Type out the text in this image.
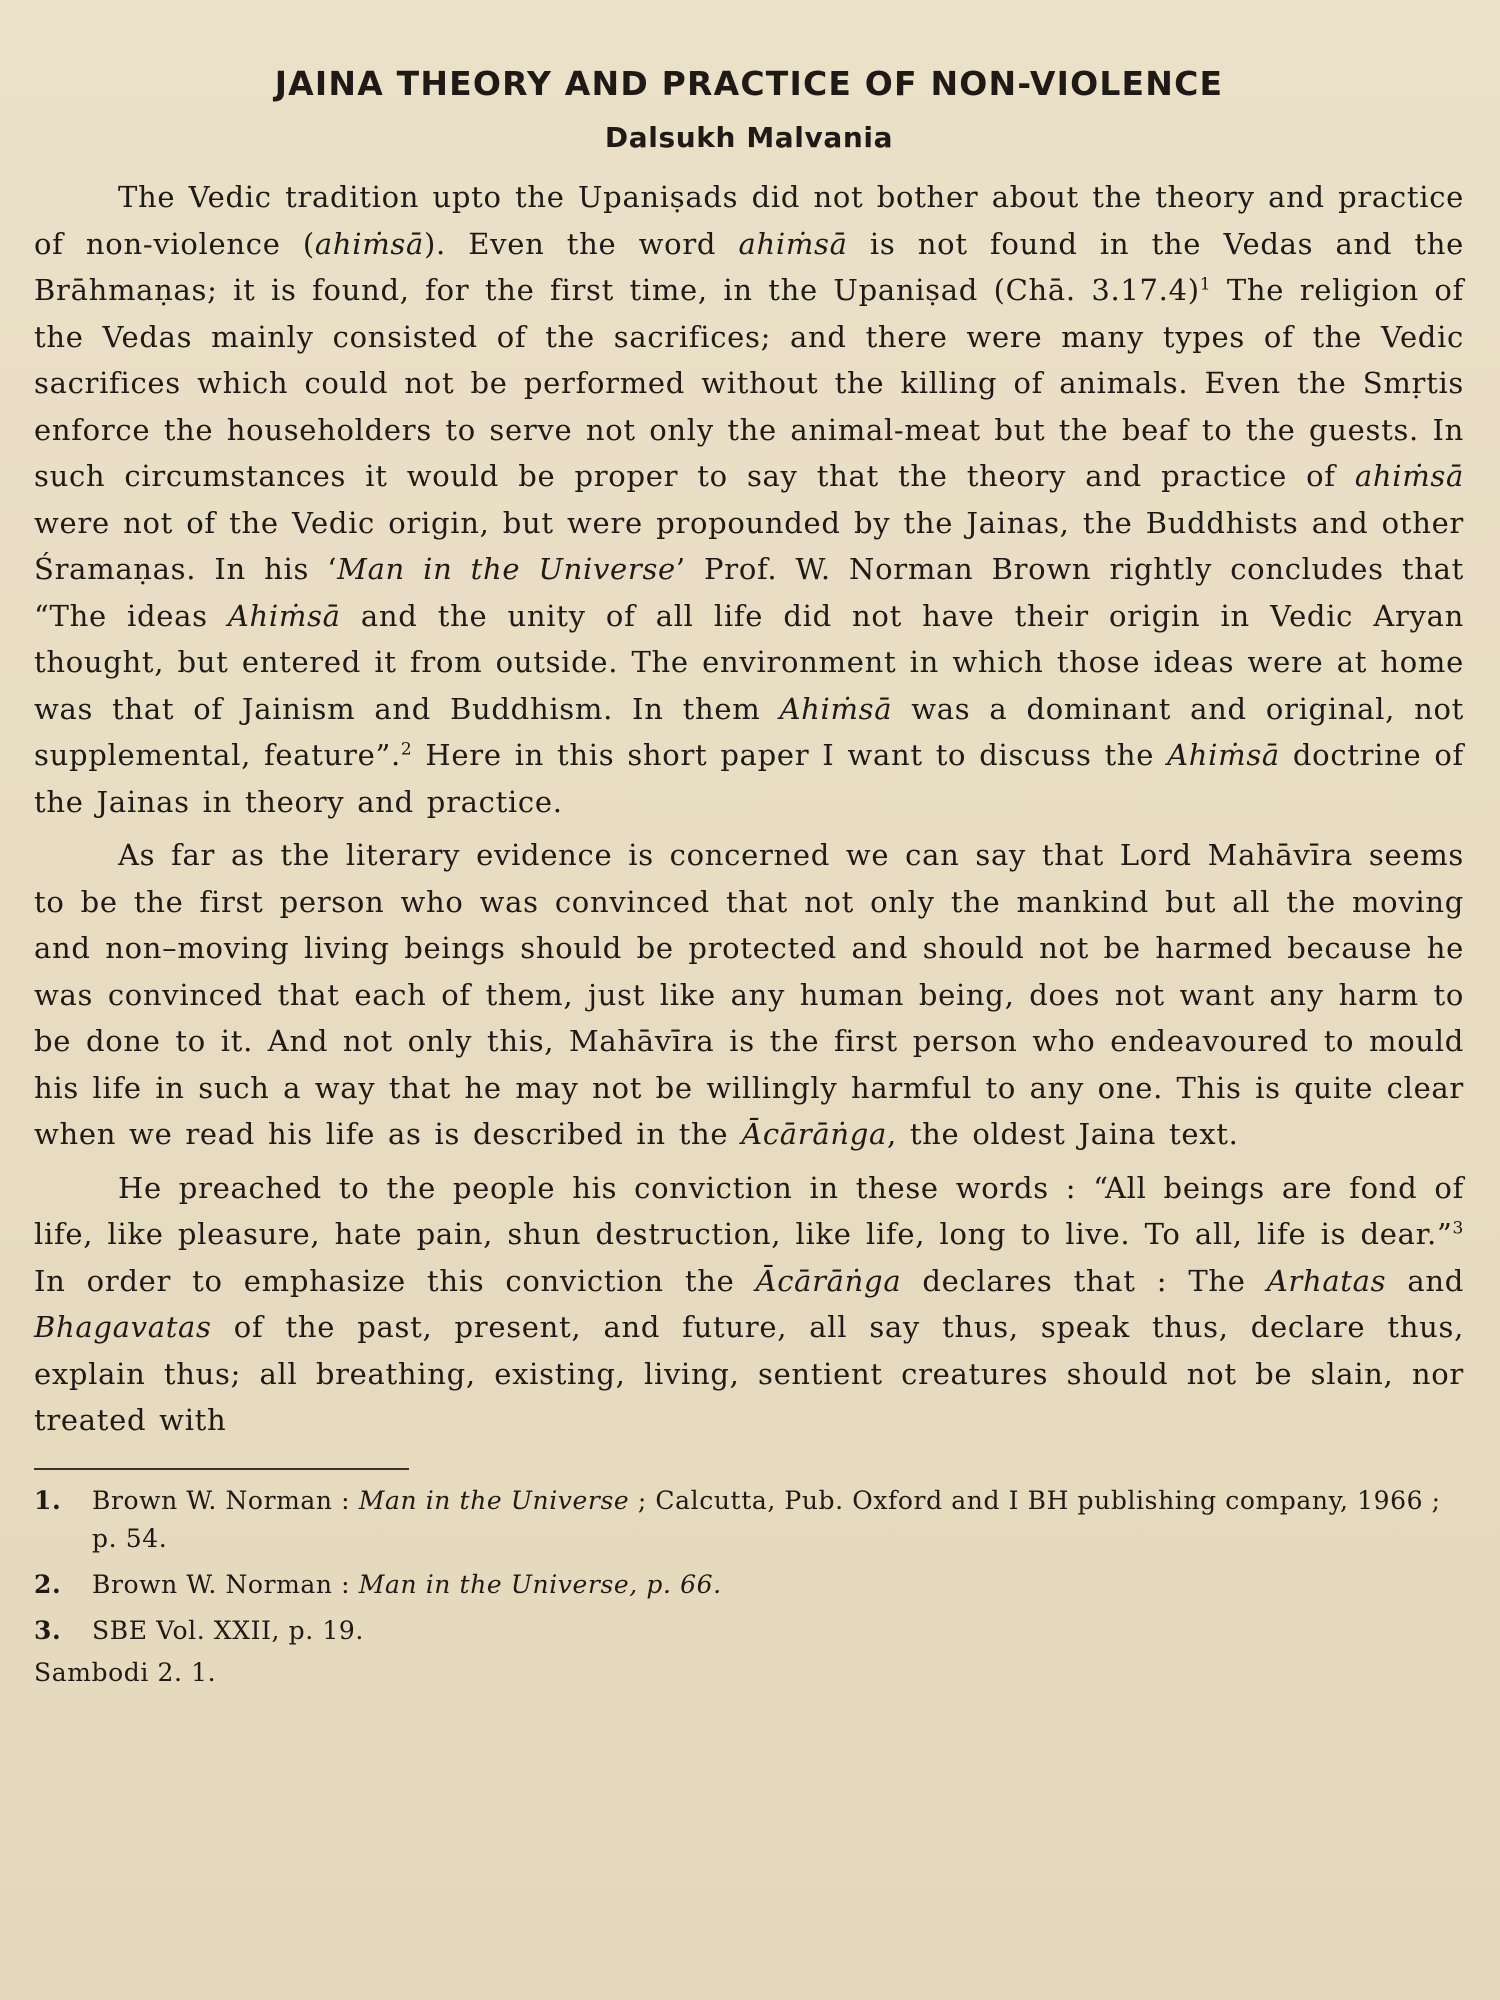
JAINA THEORY AND PRACTICE OF NON-VIOLENCE
Dalsukh Malvania

The Vedic tradition upto the Upaniṣads did not bother about the theory and practice of non-violence (ahiṁsā). Even the word ahiṁsā is not found in the Vedas and the Brāhmaṇas; it is found, for the first time, in the Upaniṣad (Chā. 3.17.4)$^1$ The religion of the Vedas mainly consisted of the sacrifices; and there were many types of the Vedic sacrifices which could not be performed without the killing of animals. Even the Smṛtis enforce the householders to serve not only the animal-meat but the beaf to the guests. In such circumstances it would be proper to say that the theory and practice of ahiṁsā were not of the Vedic origin, but were propounded by the Jainas, the Buddhists and other Śramaṇas. In his ‘Man in the Universe’ Prof. W. Norman Brown rightly concludes that “The ideas Ahiṁsā and the unity of all life did not have their origin in Vedic Aryan thought, but entered it from outside. The environment in which those ideas were at home was that of Jainism and Buddhism. In them Ahiṁsā was a dominant and original, not supplemental, feature”.$^2$ Here in this short paper I want to discuss the Ahiṁsā doctrine of the Jainas in theory and practice.

As far as the literary evidence is concerned we can say that Lord Mahāvīra seems to be the first person who was convinced that not only the mankind but all the moving and non–moving living beings should be protected and should not be harmed because he was convinced that each of them, just like any human being, does not want any harm to be done to it. And not only this, Mahāvīra is the first person who endeavoured to mould his life in such a way that he may not be willingly harmful to any one. This is quite clear when we read his life as is described in the Ācārāṅga, the oldest Jaina text.

He preached to the people his conviction in these words : “All beings are fond of life, like pleasure, hate pain, shun destruction, like life, long to live. To all, life is dear.”$^3$ In order to emphasize this conviction the Ācārāṅga declares that : The Arhatas and Bhagavatas of the past, present, and future, all say thus, speak thus, declare thus, explain thus; all breathing, existing, living, sentient creatures should not be slain, nor treated with

1.	Brown W. Norman : Man in the Universe ; Calcutta, Pub. Oxford and I BH publishing company, 1966 ; p. 54.
2.	Brown W. Norman : Man in the Universe, p. 66.
3.	SBE Vol. XXII, p. 19.
Sambodi 2. 1.
